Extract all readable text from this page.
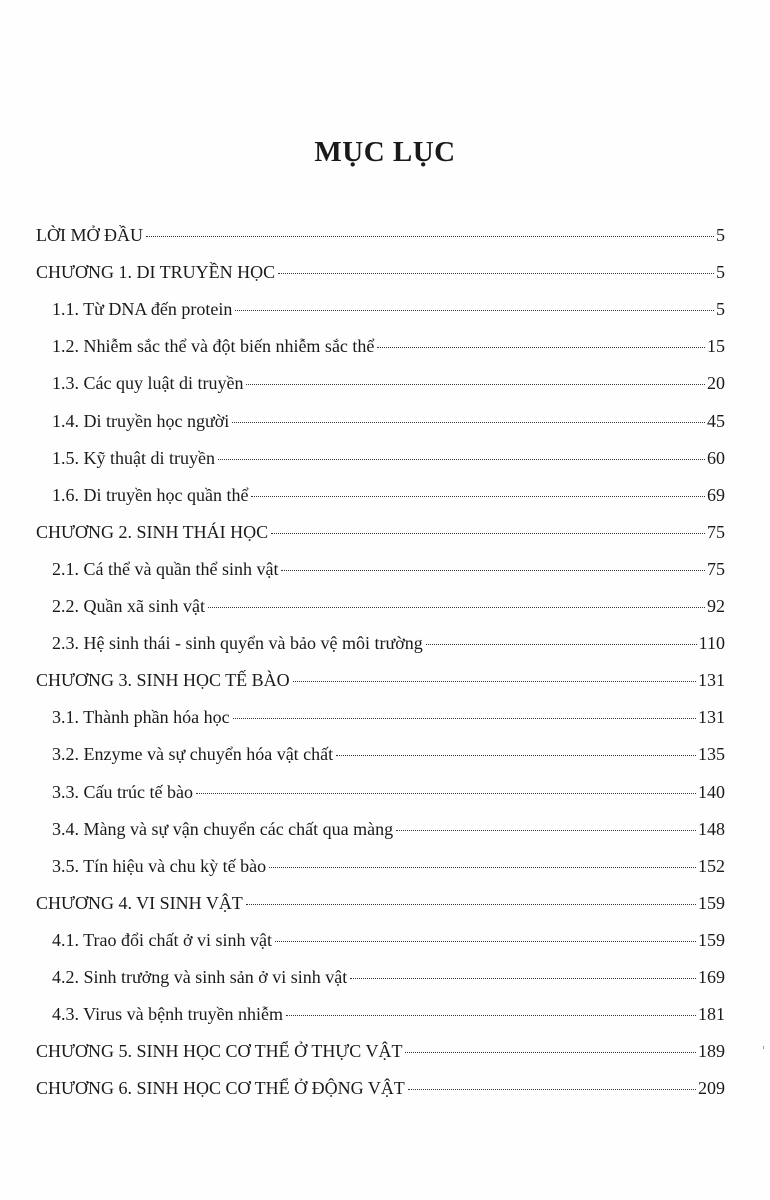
MỤC LỤC
LỜI MỞ ĐẦU	5
CHƯƠNG 1. DI TRUYỀN HỌC	5
1.1. Từ DNA đến protein	5
1.2. Nhiễm sắc thể và đột biến nhiễm sắc thể	15
1.3. Các quy luật di truyền	20
1.4. Di truyền học người	45
1.5. Kỹ thuật di truyền	60
1.6. Di truyền học quần thể	69
CHƯƠNG 2. SINH THÁI HỌC	75
2.1. Cá thể và quần thể sinh vật	75
2.2. Quần xã sinh vật	92
2.3. Hệ sinh thái - sinh quyển và bảo vệ môi trường	110
CHƯƠNG 3. SINH HỌC TẾ BÀO	131
3.1. Thành phần hóa học	131
3.2. Enzyme và sự chuyển hóa vật chất	135
3.3. Cấu trúc tế bào	140
3.4. Màng và sự vận chuyển các chất qua màng	148
3.5. Tín hiệu và chu kỳ tế bào	152
CHƯƠNG 4. VI SINH VẬT	159
4.1. Trao đổi chất ở vi sinh vật	159
4.2. Sinh trưởng và sinh sản ở vi sinh vật	169
4.3. Virus và bệnh truyền nhiễm	181
CHƯƠNG 5. SINH HỌC CƠ THỂ Ở THỰC VẬT	189
CHƯƠNG 6. SINH HỌC CƠ THỂ Ở ĐỘNG VẬT	209
